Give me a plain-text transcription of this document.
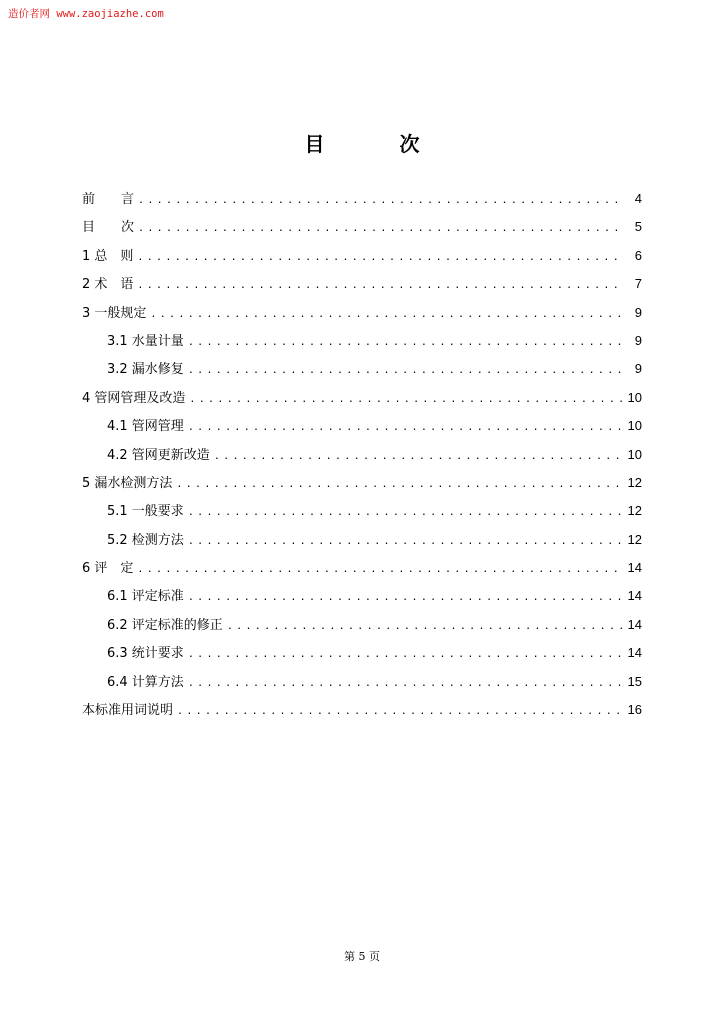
造价者网 www.zaojiazhe.com
目 次
前　　言 .....	4
目　　次 .....	5
1 总　则 .....	6
2 术　语 .....	7
3 一般规定 .....	9
3.1 水量计量 .....	9
3.2 漏水修复 .....	9
4 管网管理及改造 .....	10
4.1 管网管理 .....	10
4.2 管网更新改造 .....	10
5 漏水检测方法 .....	12
5.1 一般要求 .....	12
5.2 检测方法 .....	12
6 评　定 .....	14
6.1 评定标准 .....	14
6.2 评定标准的修正 .....	14
6.3 统计要求 .....	14
6.4 计算方法 .....	15
本标准用词说明 .....	16
第 5 页
